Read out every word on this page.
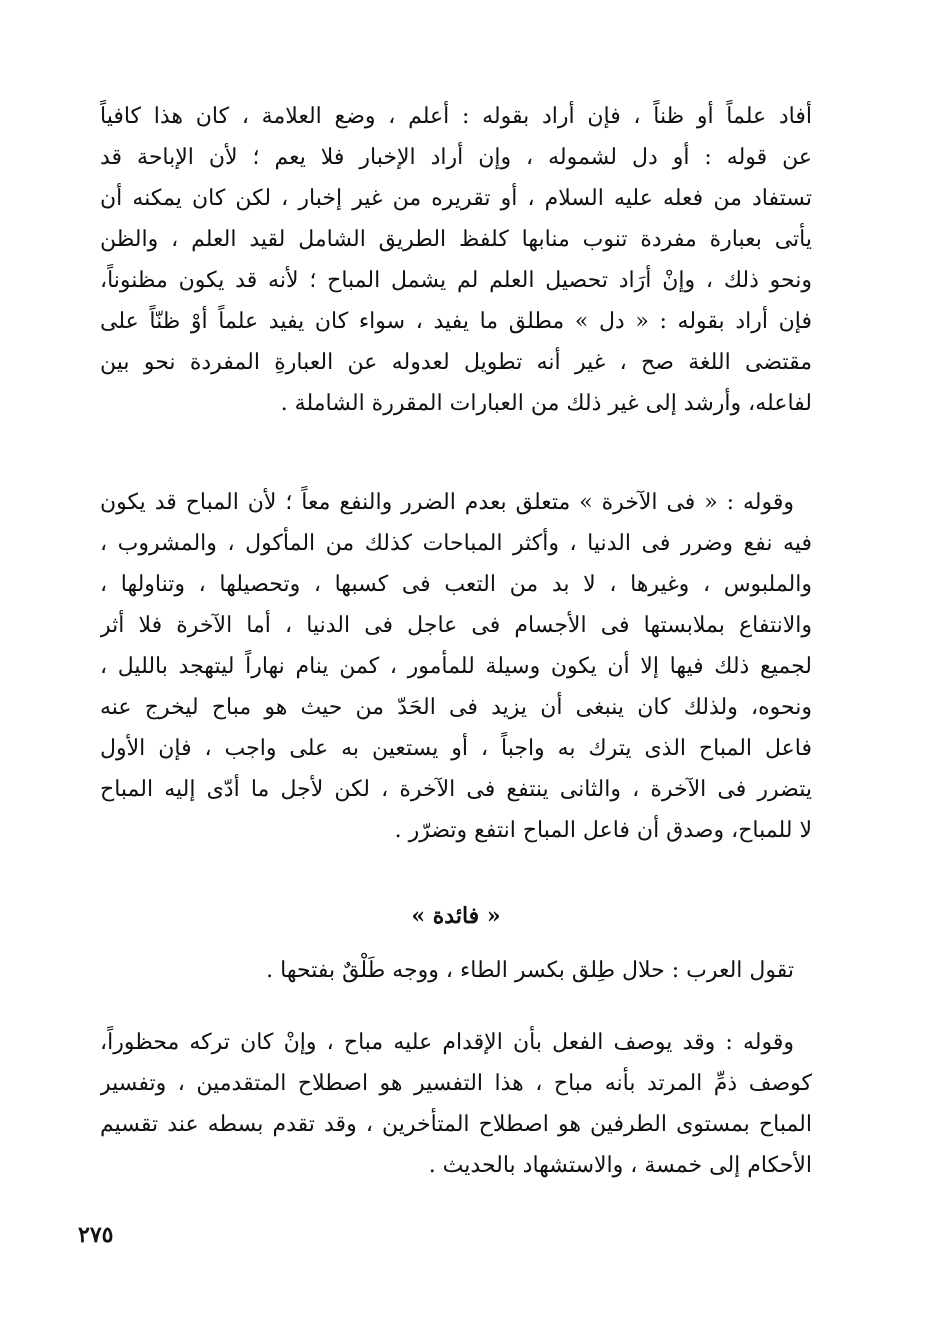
أفاد علماً أو ظناً ، فإن أراد بقوله : أعلم ، وضع العلامة ، كان هذا كافياً
عن قوله : أو دل لشموله ، وإن أراد الإخبار فلا يعم ؛ لأن الإباحة قد
تستفاد من فعله عليه السلام ، أو تقريره من غير إخبار ، لكن كان يمكنه أن
يأتى بعبارة مفردة تنوب منابها كلفظ الطريق الشامل لقيد العلم ، والظن
ونحو ذلك ، وإنْ أرَاد تحصيل العلم لم يشمل المباح ؛ لأنه قد يكون مظنوناً،
فإن أراد بقوله : « دل » مطلق ما يفيد ، سواء كان يفيد علماً أوْ ظنّاً على
مقتضى اللغة صح ، غير أنه تطويل لعدوله عن العبارةِ المفردة نحو بين
لفاعله، وأرشد إلى غير ذلك من العبارات المقررة الشاملة .
وقوله : « فى الآخرة » متعلق بعدم الضرر والنفع معاً ؛ لأن المباح قد يكون
فيه نفع وضرر فى الدنيا ، وأكثر المباحات كذلك من المأكول ، والمشروب ،
والملبوس ، وغيرها ، لا بد من التعب فى كسبها ، وتحصيلها ، وتناولها ،
والانتفاع بملابستها فى الأجسام فى عاجل فى الدنيا ، أما الآخرة فلا أثر
لجميع ذلك فيها إلا أن يكون وسيلة للمأمور ، كمن ينام نهاراً ليتهجد بالليل ،
ونحوه، ولذلك كان ينبغى أن يزيد فى الحَدّ من حيث هو مباح ليخرج عنه
فاعل المباح الذى يترك به واجباً ، أو يستعين به على واجب ، فإن الأول
يتضرر فى الآخرة ، والثانى ينتفع فى الآخرة ، لكن لأجل ما أدّى إليه المباح
لا للمباح، وصدق أن فاعل المباح انتفع وتضرّر .
« فائدة »
تقول العرب : حلال طِلق بكسر الطاء ، ووجه طَلْقٌ بفتحها .
وقوله : وقد يوصف الفعل بأن الإقدام عليه مباح ، وإنْ كان تركه محظوراً،
كوصف ذمِّ المرتد بأنه مباح ، هذا التفسير هو اصطلاح المتقدمين ، وتفسير
المباح بمستوى الطرفين هو اصطلاح المتأخرين ، وقد تقدم بسطه عند تقسيم
الأحكام إلى خمسة ، والاستشهاد بالحديث .
٢٧٥
